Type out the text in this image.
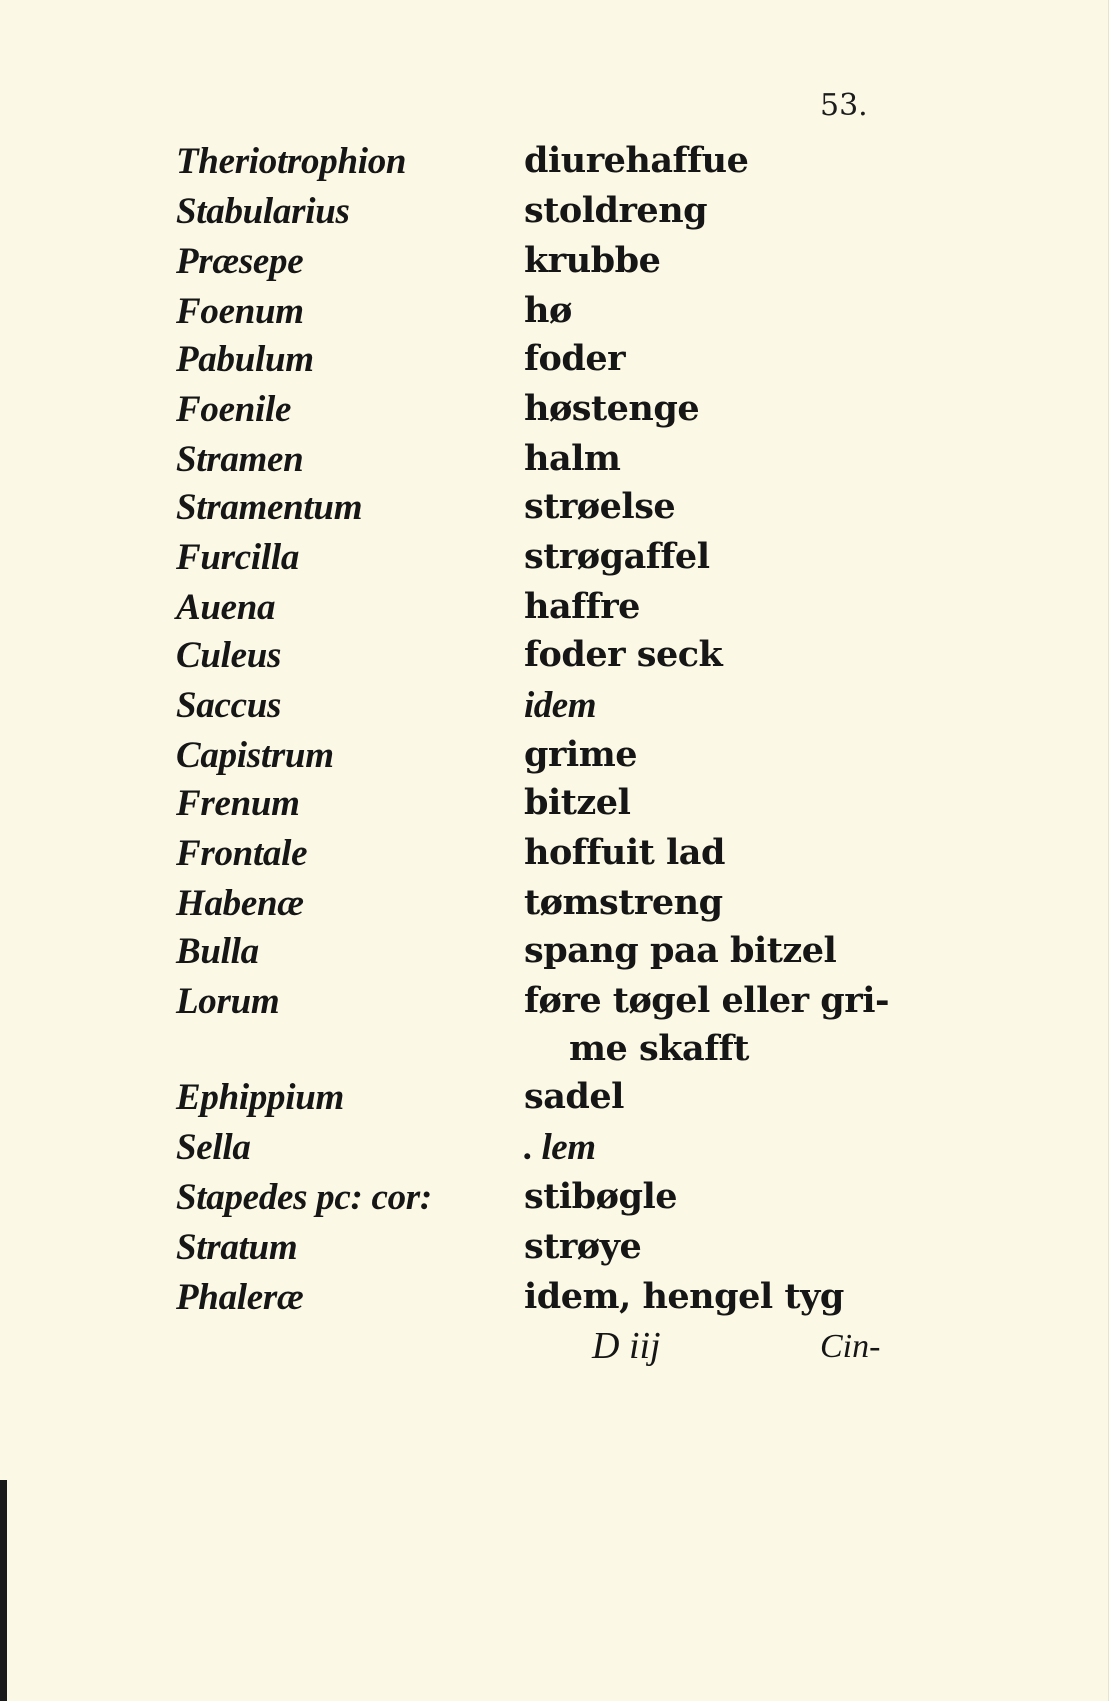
53.
Theriotrophion
Stabularius
Præsepe
Foenum
Pabulum
Foenile
Stramen
Stramentum
Furcilla
Auena
Culeus
Saccus
Capistrum
Frenum
Frontale
Habenæ
Bulla
Lorum
Ephippium
Sella
Stapedes pc: cor:
Stratum
Phaleræ
diurehaffue
stoldreng
krubbe
hø
foder
høstenge
halm
strøelse
strøgaffel
haffre
foder seck
idem
grime
bitzel
hoffuit lad
tømstreng
spang paa bitzel
føre tøgel eller gri-
me skafft
sadel
. lem
stibøgle
strøye
idem, hengel tyg
D iij	Cin-
